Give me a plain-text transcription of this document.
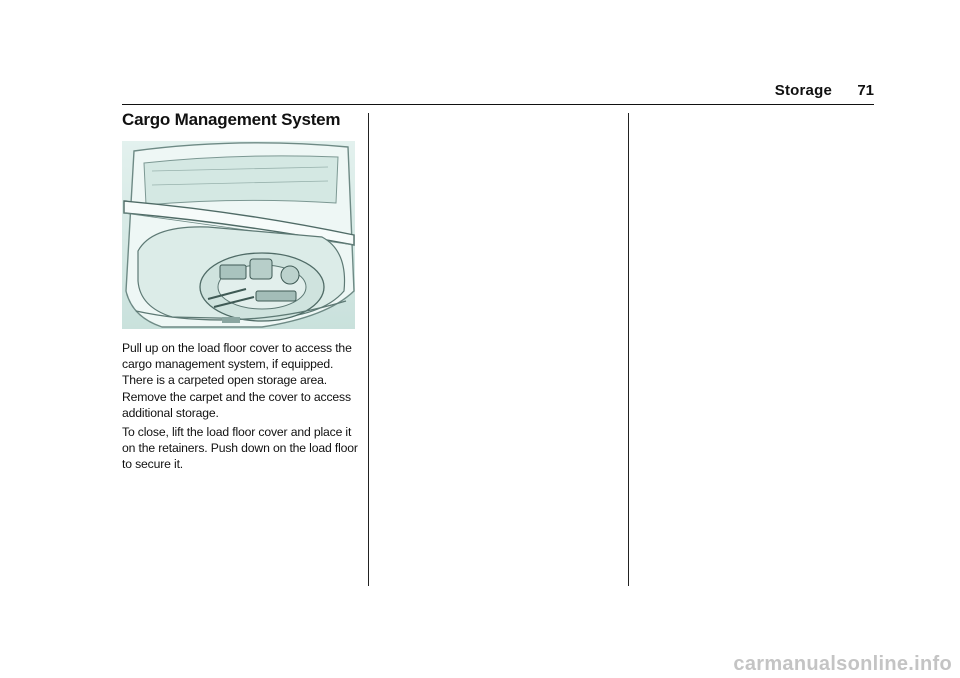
Storage 71
Cargo Management System

Pull up on the load floor cover to access the cargo management system, if equipped. There is a carpeted open storage area. Remove the carpet and the cover to access additional storage.

To close, lift the load floor cover and place it on the retainers. Push down on the load floor to secure it.

carmanualsonline.info
